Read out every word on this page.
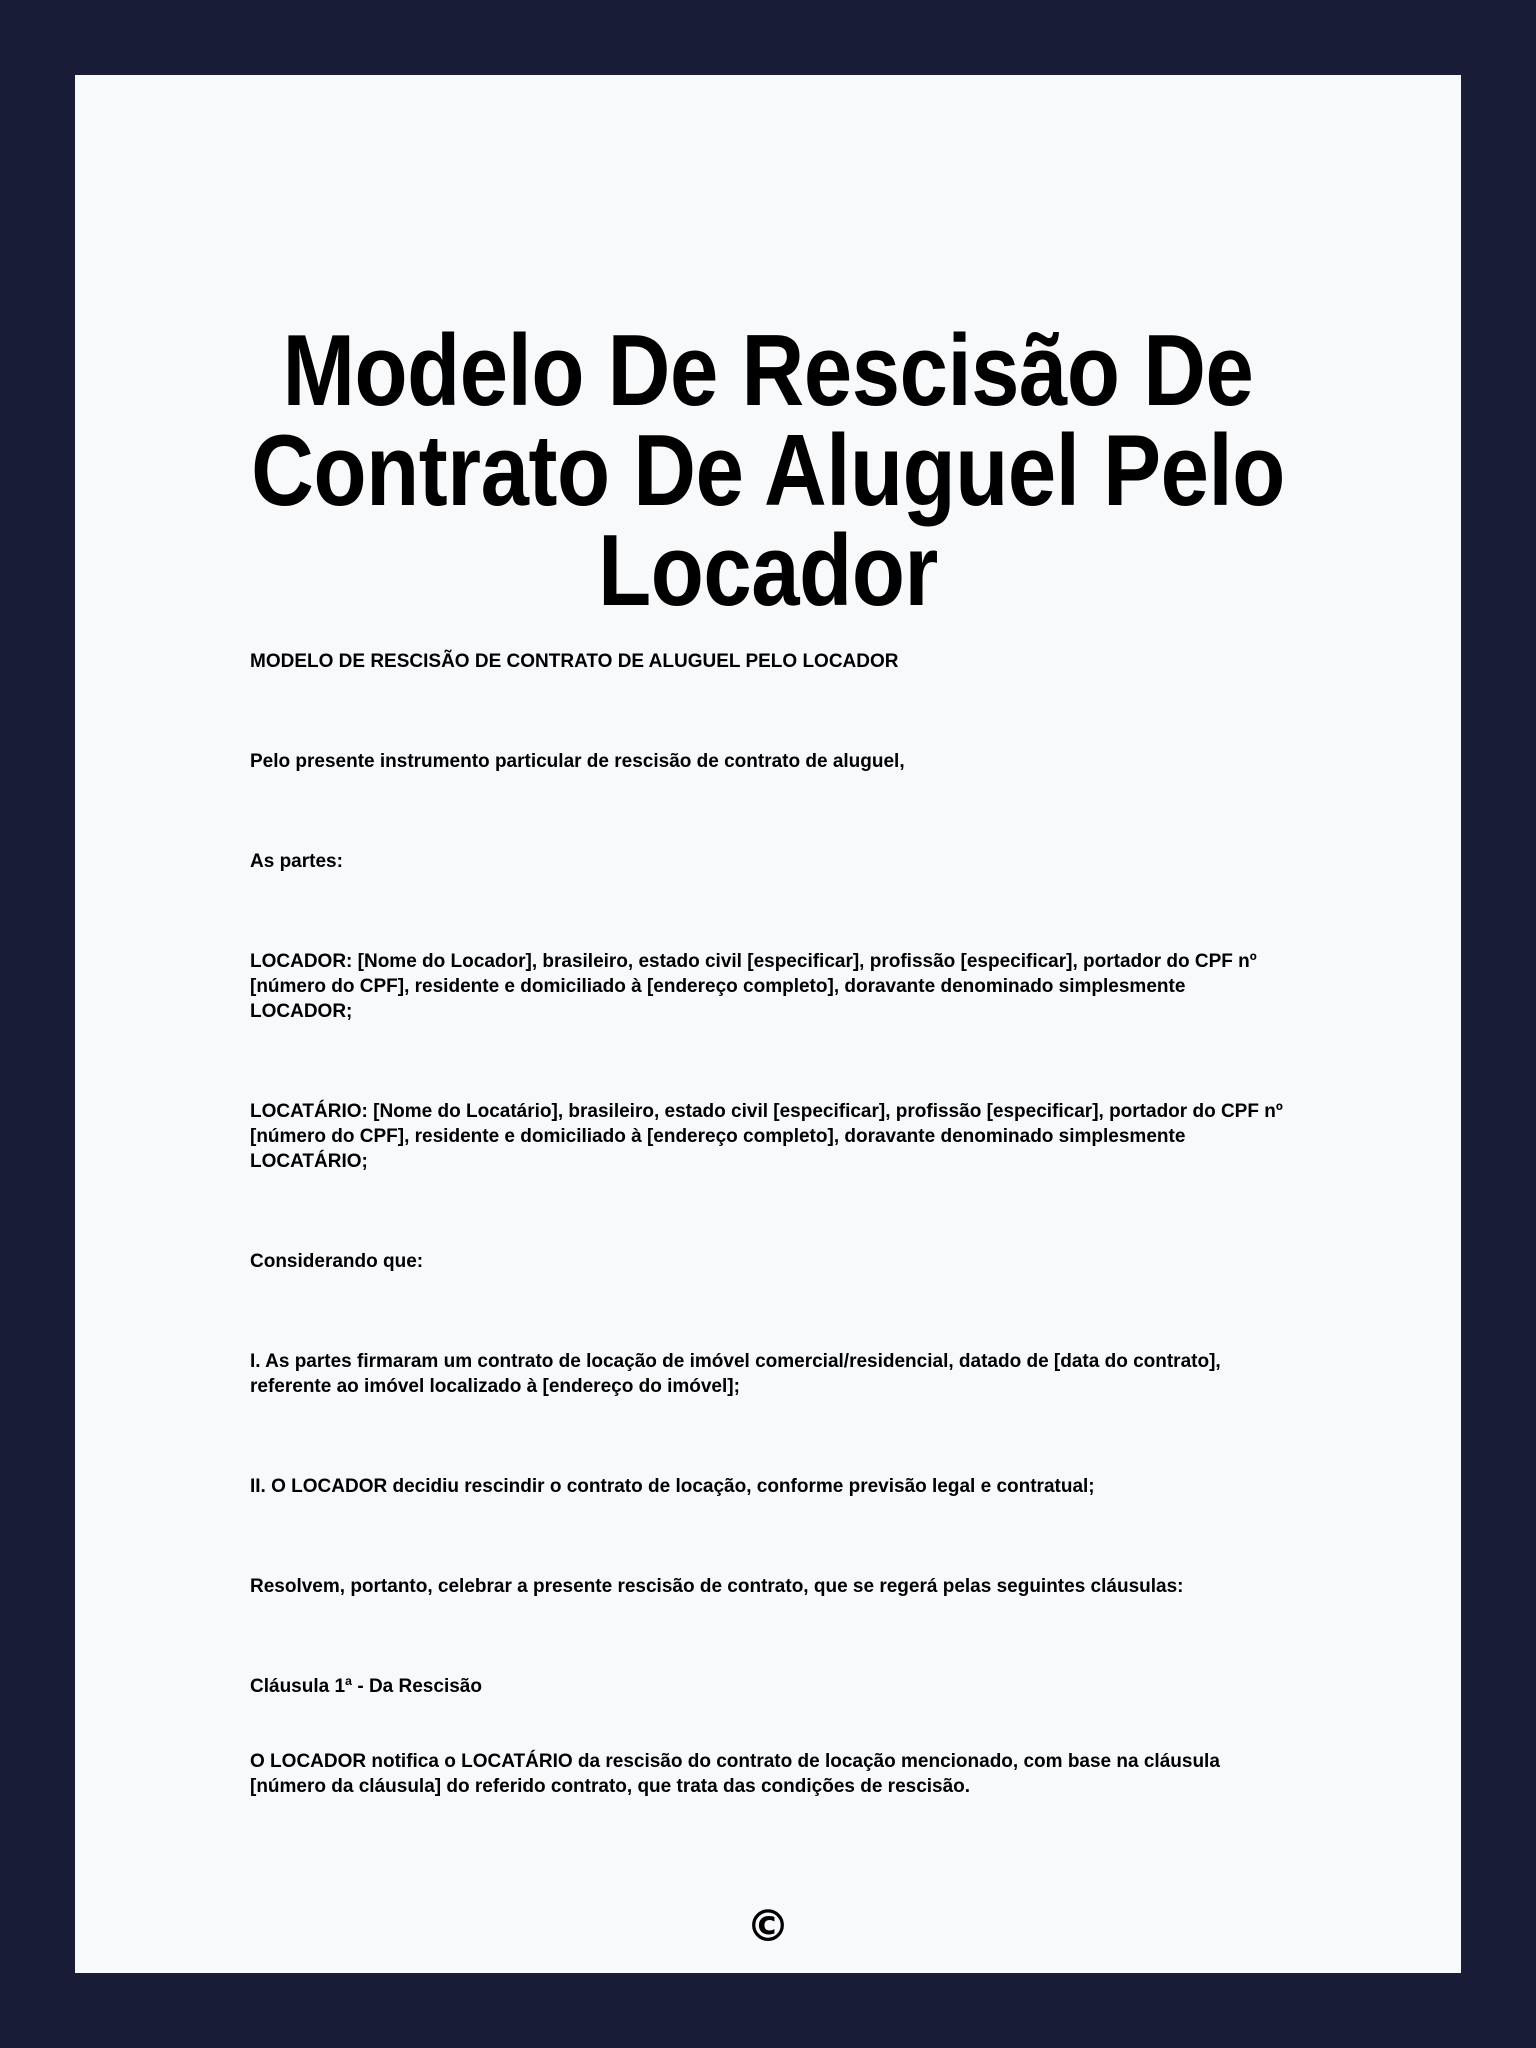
Modelo De Rescisão De Contrato De Aluguel Pelo Locador

MODELO DE RESCISÃO DE CONTRATO DE ALUGUEL PELO LOCADOR

Pelo presente instrumento particular de rescisão de contrato de aluguel,

As partes:

LOCADOR: [Nome do Locador], brasileiro, estado civil [especificar], profissão [especificar], portador do CPF nº [número do CPF], residente e domiciliado à [endereço completo], doravante denominado simplesmente LOCADOR;

LOCATÁRIO: [Nome do Locatário], brasileiro, estado civil [especificar], profissão [especificar], portador do CPF nº [número do CPF], residente e domiciliado à [endereço completo], doravante denominado simplesmente LOCATÁRIO;

Considerando que:

I. As partes firmaram um contrato de locação de imóvel comercial/residencial, datado de [data do contrato], referente ao imóvel localizado à [endereço do imóvel];

II. O LOCADOR decidiu rescindir o contrato de locação, conforme previsão legal e contratual;

Resolvem, portanto, celebrar a presente rescisão de contrato, que se regerá pelas seguintes cláusulas:

Cláusula 1ª - Da Rescisão

O LOCADOR notifica o LOCATÁRIO da rescisão do contrato de locação mencionado, com base na cláusula [número da cláusula] do referido contrato, que trata das condições de rescisão.

©
